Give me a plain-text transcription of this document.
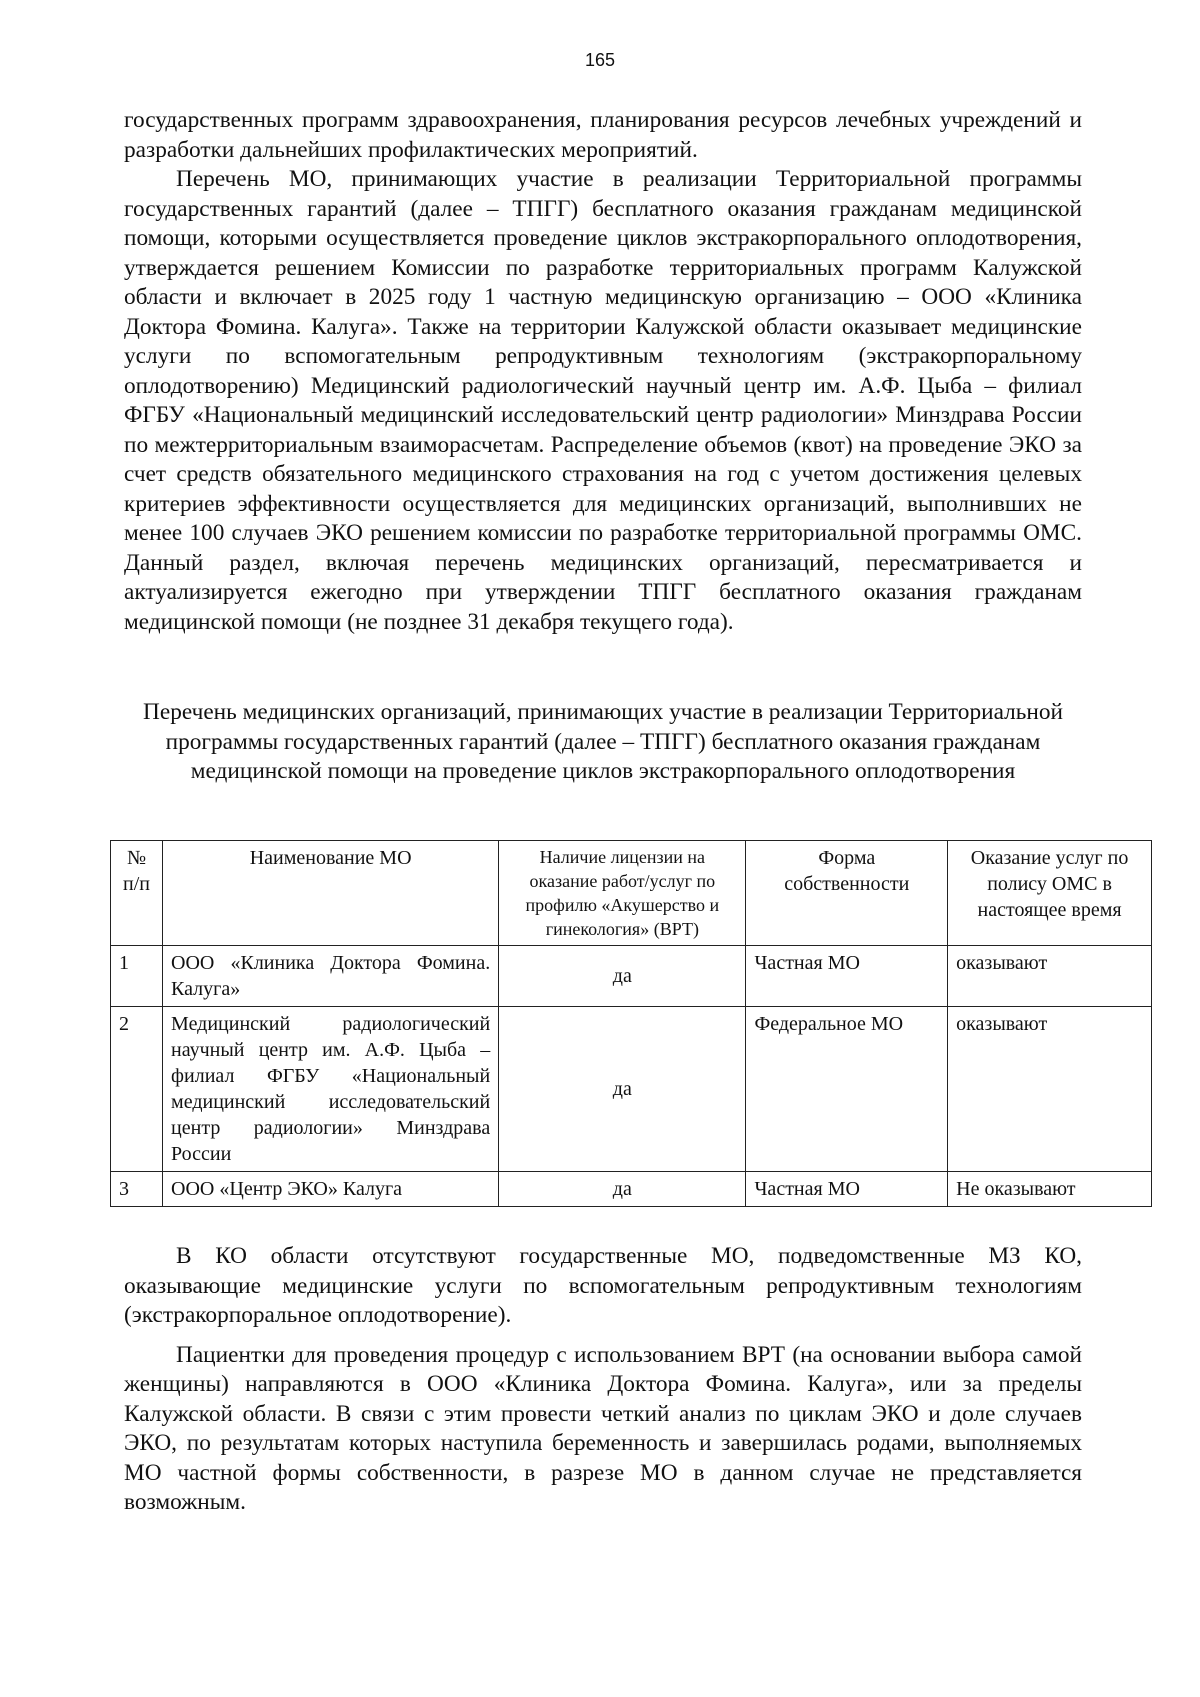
165

государственных программ здравоохранения, планирования ресурсов лечебных учреждений и разработки дальнейших профилактических мероприятий.

Перечень МО, принимающих участие в реализации Территориальной программы государственных гарантий (далее – ТПГГ) бесплатного оказания гражданам медицинской помощи, которыми осуществляется проведение циклов экстракорпорального оплодотворения, утверждается решением Комиссии по разработке территориальных программ Калужской области и включает в 2025 году 1 частную медицинскую организацию – ООО «Клиника Доктора Фомина. Калуга». Также на территории Калужской области оказывает медицинские услуги по вспомогательным репродуктивным технологиям (экстракорпоральному оплодотворению) Медицинский радиологический научный центр им. А.Ф. Цыба – филиал ФГБУ «Национальный медицинский исследовательский центр радиологии» Минздрава России по межтерриториальным взаиморасчетам. Распределение объемов (квот) на проведение ЭКО за счет средств обязательного медицинского страхования на год с учетом достижения целевых критериев эффективности осуществляется для медицинских организаций, выполнивших не менее 100 случаев ЭКО решением комиссии по разработке территориальной программы ОМС. Данный раздел, включая перечень медицинских организаций, пересматривается и актуализируется ежегодно при утверждении ТПГГ бесплатного оказания гражданам медицинской помощи (не позднее 31 декабря текущего года).

Перечень медицинских организаций, принимающих участие в реализации Территориальной программы государственных гарантий (далее – ТПГГ) бесплатного оказания гражданам медицинской помощи на проведение циклов экстракорпорального оплодотворения
№ п/п	Наименование МО	Наличие лицензии на оказание работ/услуг по профилю «Акушерство и гинекология» (ВРТ)	Форма собственности	Оказание услуг по полису ОМС в настоящее время
1	ООО «Клиника Доктора Фомина. Калуга»	да	Частная МО	оказывают
2	Медицинский радиологический научный центр им. А.Ф. Цыба – филиал ФГБУ «Национальный медицинский исследовательский центр радиологии» Минздрава России	да	Федеральное МО	оказывают
3	ООО «Центр ЭКО» Калуга	да	Частная МО	Не оказывают

В КО области отсутствуют государственные МО, подведомственные МЗ КО, оказывающие медицинские услуги по вспомогательным репродуктивным технологиям (экстракорпоральное оплодотворение).

Пациентки для проведения процедур с использованием ВРТ (на основании выбора самой женщины) направляются в ООО «Клиника Доктора Фомина. Калуга», или за пределы Калужской области. В связи с этим провести четкий анализ по циклам ЭКО и доле случаев ЭКО, по результатам которых наступила беременность и завершилась родами, выполняемых МО частной формы собственности, в разрезе МО в данном случае не представляется возможным.
